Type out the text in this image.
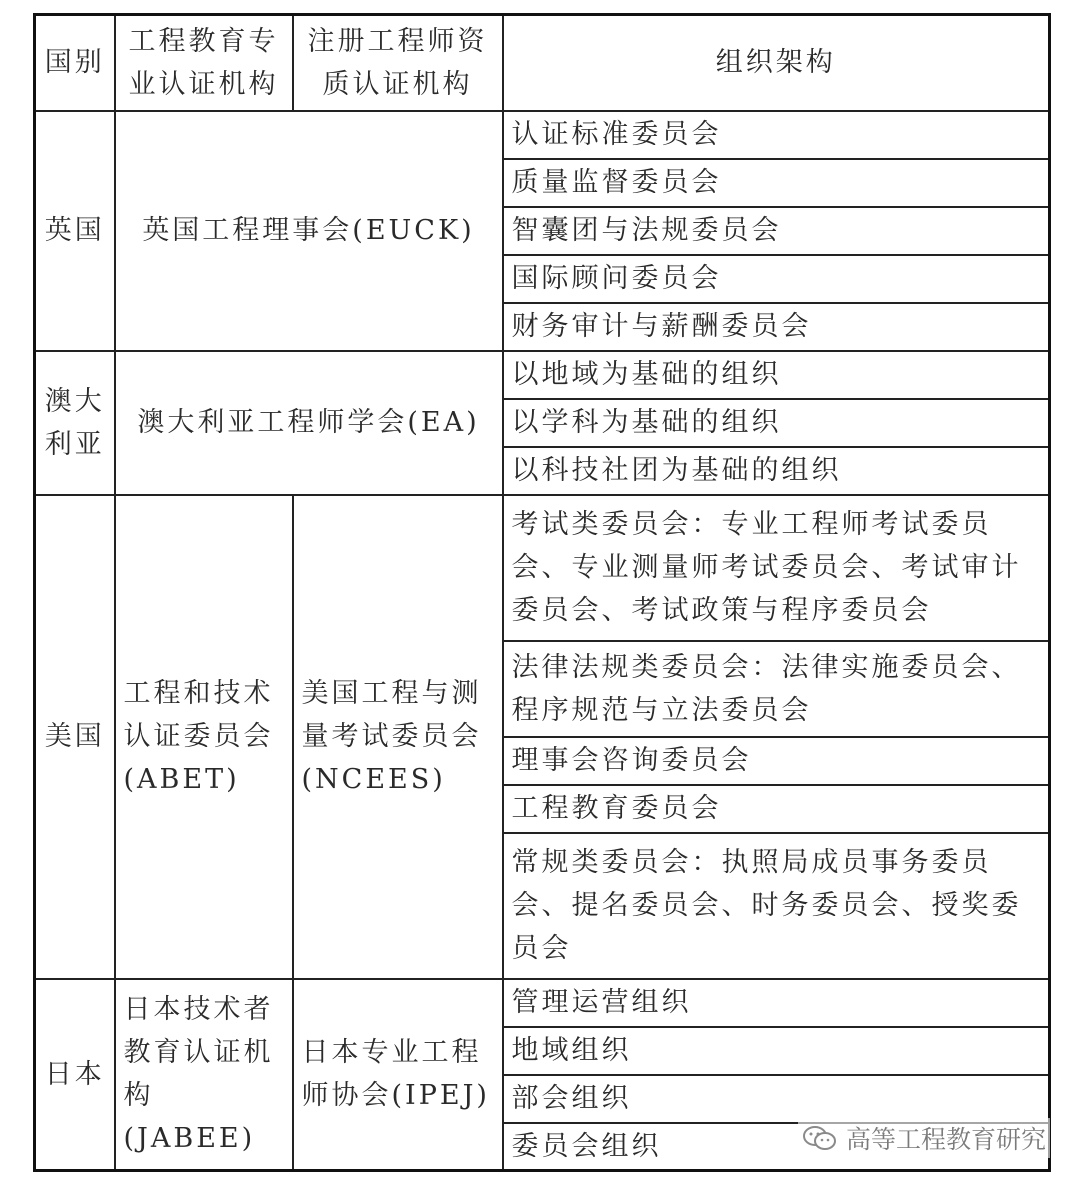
国别	工程教育专业认证机构	注册工程师资质认证机构	组织架构
英国	英国工程理事会(EUCK)		认证标准委员会
			质量监督委员会
			智囊团与法规委员会
			国际顾问委员会
			财务审计与薪酬委员会
澳大利亚	澳大利亚工程师学会(EA)		以地域为基础的组织
			以学科为基础的组织
			以科技社团为基础的组织
美国	工程和技术认证委员会(ABET)	美国工程与测量考试委员会(NCEES)	考试类委员会：专业工程师考试委员会、专业测量师考试委员会、考试审计委员会、考试政策与程序委员会
			法律法规类委员会：法律实施委员会、程序规范与立法委员会
			理事会咨询委员会
			工程教育委员会
			常规类委员会：执照局成员事务委员会、提名委员会、时务委员会、授奖委员会
日本	日本技术者教育认证机构(JABEE)	日本专业工程师协会(IPEJ)	管理运营组织
			地域组织
			部会组织
			委员会组织	高等工程教育研究
